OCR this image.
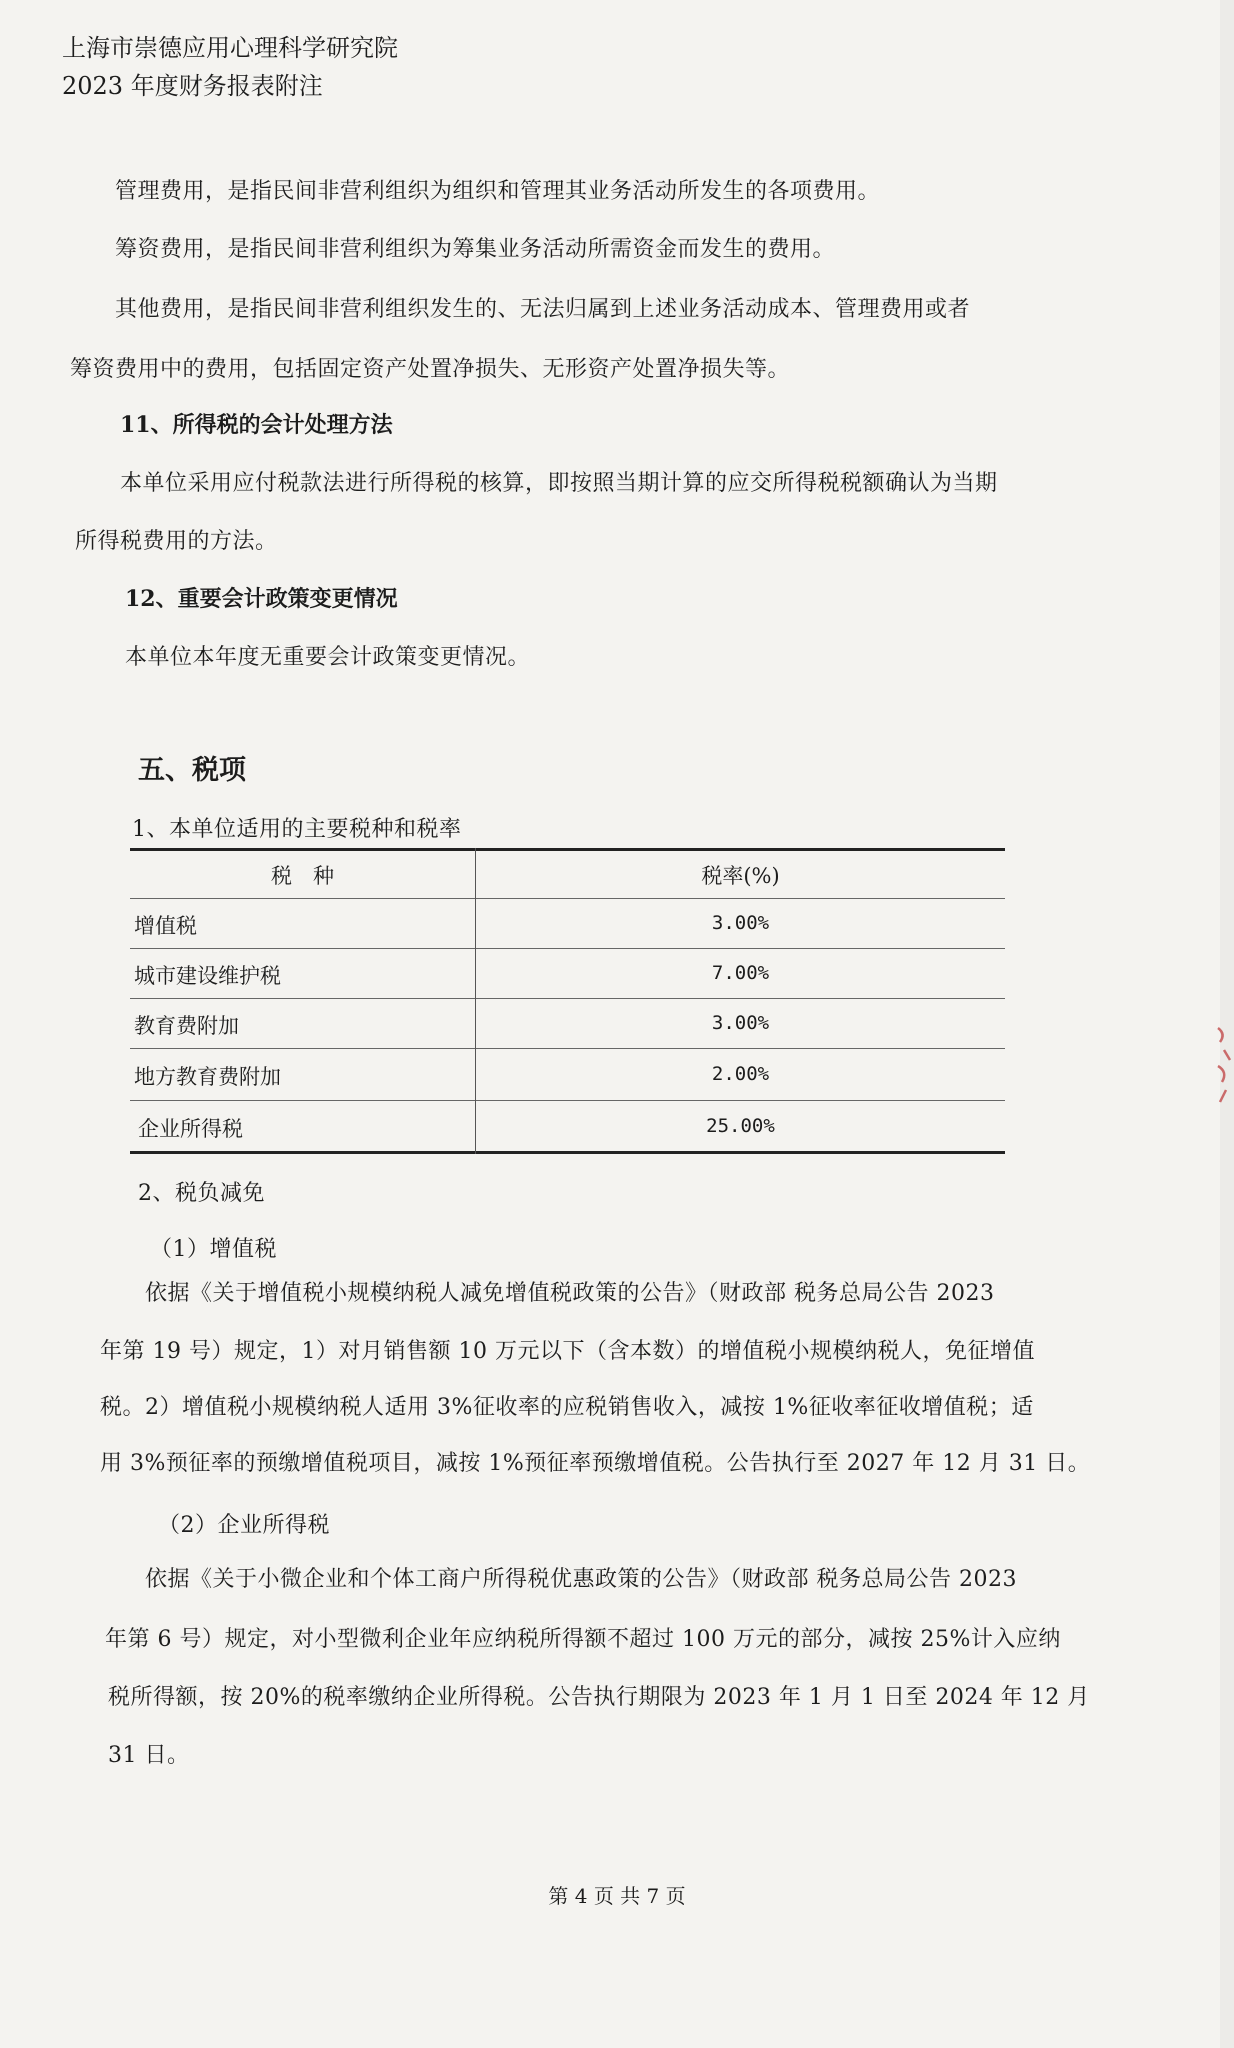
上海市崇德应用心理科学研究院
2023 年度财务报表附注
管理费用，是指民间非营利组织为组织和管理其业务活动所发生的各项费用。
筹资费用，是指民间非营利组织为筹集业务活动所需资金而发生的费用。
其他费用，是指民间非营利组织发生的、无法归属到上述业务活动成本、管理费用或者
筹资费用中的费用，包括固定资产处置净损失、无形资产处置净损失等。
11、所得税的会计处理方法
本单位采用应付税款法进行所得税的核算，即按照当期计算的应交所得税税额确认为当期
所得税费用的方法。
12、重要会计政策变更情况
本单位本年度无重要会计政策变更情况。
五、税项
1、本单位适用的主要税种和税率
税　种	税率(%)
增值税	3.00%
城市建设维护税	7.00%
教育费附加	3.00%
地方教育费附加	2.00%
企业所得税	25.00%
2、税负减免
（1）增值税
依据《关于增值税小规模纳税人减免增值税政策的公告》（财政部 税务总局公告 2023
年第 19 号）规定，1）对月销售额 10 万元以下（含本数）的增值税小规模纳税人，免征增值
税。2）增值税小规模纳税人适用 3%征收率的应税销售收入，减按 1%征收率征收增值税；适
用 3%预征率的预缴增值税项目，减按 1%预征率预缴增值税。公告执行至 2027 年 12 月 31 日。
（2）企业所得税
依据《关于小微企业和个体工商户所得税优惠政策的公告》（财政部 税务总局公告 2023
年第 6 号）规定，对小型微利企业年应纳税所得额不超过 100 万元的部分，减按 25%计入应纳
税所得额，按 20%的税率缴纳企业所得税。公告执行期限为 2023 年 1 月 1 日至 2024 年 12 月
31 日。
第 4 页 共 7 页
